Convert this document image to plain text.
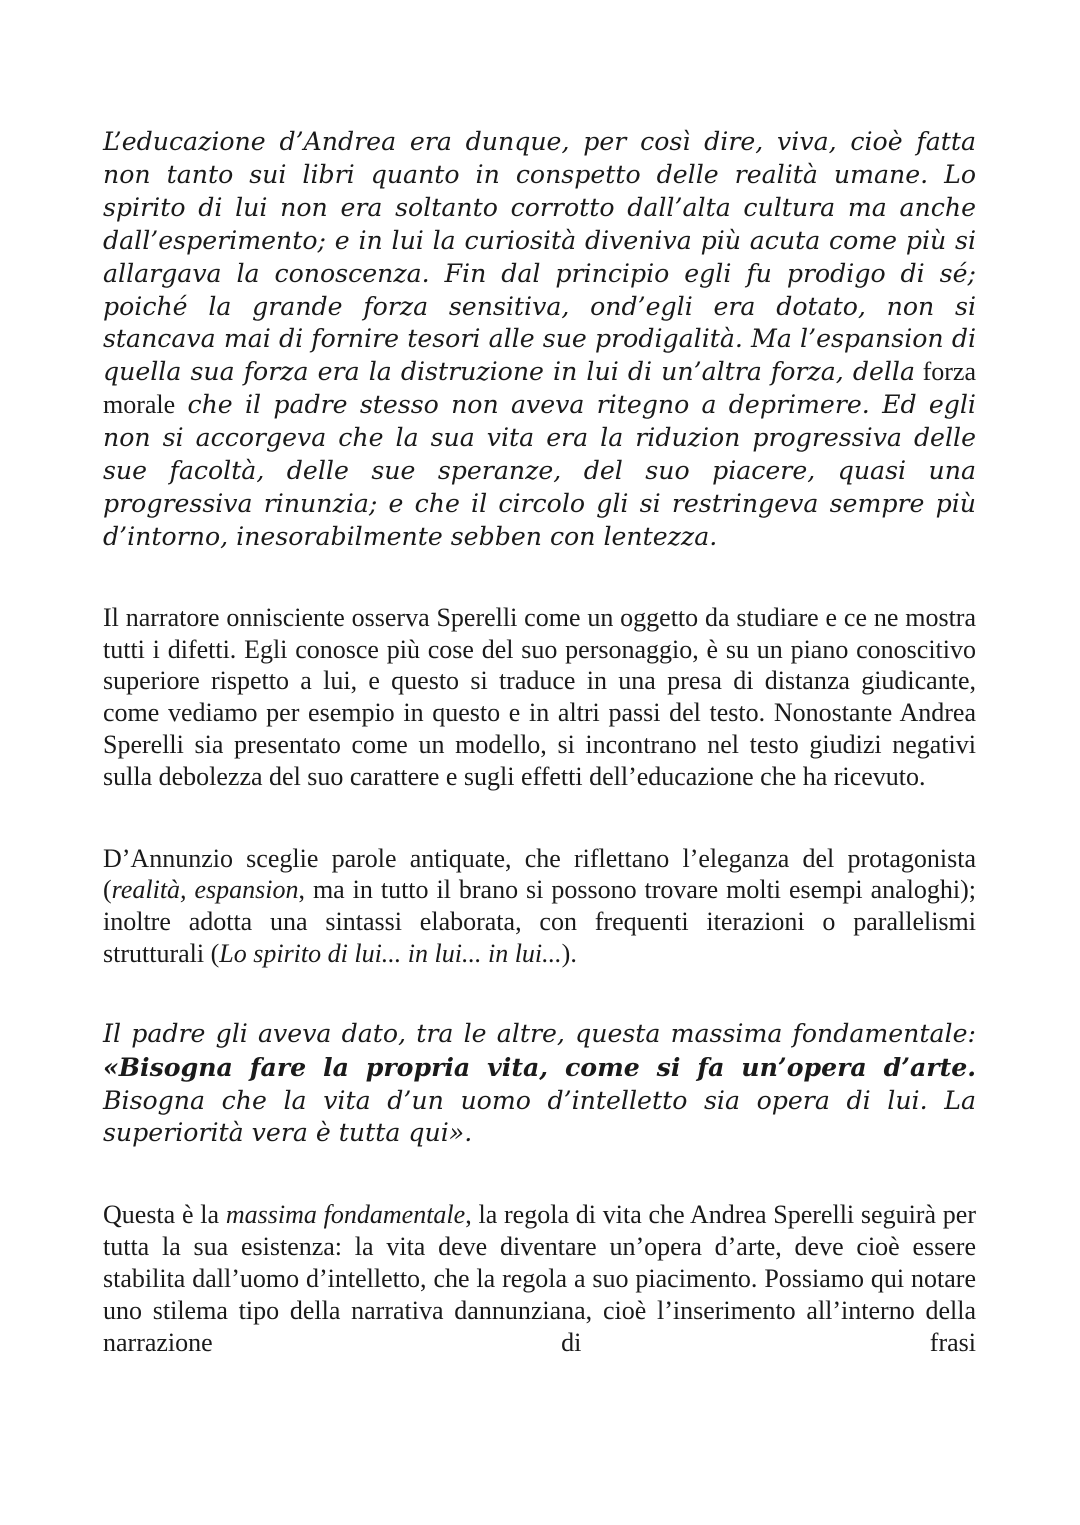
L’educazione d’Andrea era dunque, per così dire, viva, cioè fatta non tanto sui libri quanto in conspetto delle realità umane. Lo spirito di lui non era soltanto corrotto dall’alta cultura ma anche dall’esperimento; e in lui la curiosità diveniva più acuta come più si allargava la conoscenza. Fin dal principio egli fu prodigo di sé; poiché la grande forza sensitiva, ond’egli era dotato, non si stancava mai di fornire tesori alle sue prodigalità. Ma l’espansion di quella sua forza era la distruzione in lui di un’altra forza, della forza morale che il padre stesso non aveva ritegno a deprimere. Ed egli non si accorgeva che la sua vita era la riduzion progressiva delle sue facoltà, delle sue speranze, del suo piacere, quasi una progressiva rinunzia; e che il circolo gli si restringeva sempre più d’intorno, inesorabilmente sebben con lentezza.

Il narratore onnisciente osserva Sperelli come un oggetto da studiare e ce ne mostra tutti i difetti. Egli conosce più cose del suo personaggio, è su un piano conoscitivo superiore rispetto a lui, e questo si traduce in una presa di distanza giudicante, come vediamo per esempio in questo e in altri passi del testo. Nonostante Andrea Sperelli sia presentato come un modello, si incontrano nel testo giudizi negativi sulla debolezza del suo carattere e sugli effetti dell’educazione che ha ricevuto.

D’Annunzio sceglie parole antiquate, che riflettano l’eleganza del protagonista (realità, espansion, ma in tutto il brano si possono trovare molti esempi analoghi); inoltre adotta una sintassi elaborata, con frequenti iterazioni o parallelismi strutturali (Lo spirito di lui... in lui... in lui...).

Il padre gli aveva dato, tra le altre, questa massima fondamentale: «Bisogna fare la propria vita, come si fa un’opera d’arte. Bisogna che la vita d’un uomo d’intelletto sia opera di lui. La superiorità vera è tutta qui».

Questa è la massima fondamentale, la regola di vita che Andrea Sperelli seguirà per tutta la sua esistenza: la vita deve diventare un’opera d’arte, deve cioè essere stabilita dall’uomo d’intelletto, che la regola a suo piacimento. Possiamo qui notare uno stilema tipo della narrativa dannunziana, cioè l’inserimento all’interno della narrazione di frasi
